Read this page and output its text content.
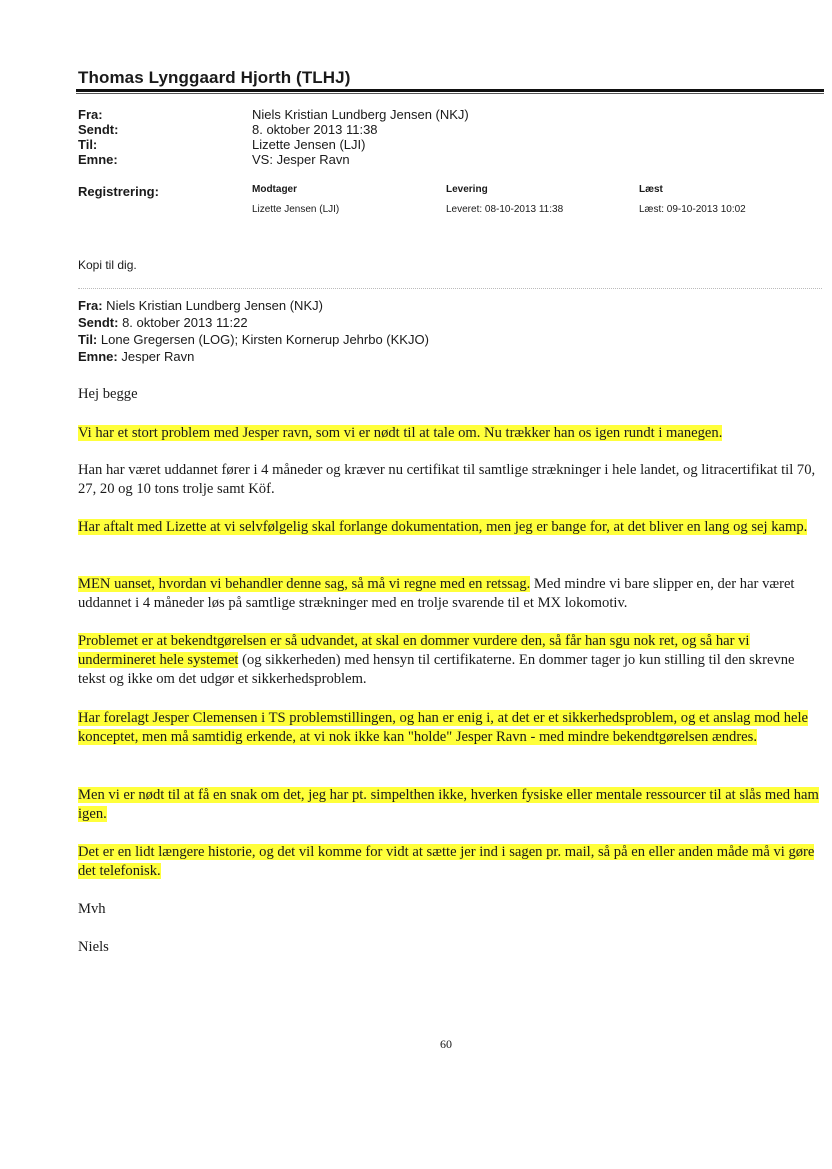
Thomas Lynggaard Hjorth (TLHJ)
Fra:	Niels Kristian Lundberg Jensen (NKJ)
Sendt:	8. oktober 2013 11:38
Til:	Lizette Jensen (LJI)
Emne:	VS: Jesper Ravn
Registrering:	Modtager	Levering	Læst
Lizette Jensen (LJI)	Leveret: 08-10-2013 11:38	Læst: 09-10-2013 10:02
Kopi til dig.
Fra: Niels Kristian Lundberg Jensen (NKJ)
Sendt: 8. oktober 2013 11:22
Til: Lone Gregersen (LOG); Kirsten Kornerup Jehrbo (KKJO)
Emne: Jesper Ravn
Hej begge
Vi har et stort problem med Jesper ravn, som vi er nødt til at tale om. Nu trækker han os igen rundt i manegen.
Han har været uddannet fører i 4 måneder og kræver nu certifikat til samtlige strækninger i hele landet, og litracertifikat til 70, 27, 20 og 10 tons trolje samt Köf.
Har aftalt med Lizette at vi selvfølgelig skal forlange dokumentation, men jeg er bange for, at det bliver en lang og sej kamp.
MEN uanset, hvordan vi behandler denne sag, så må vi regne med en retssag. Med mindre vi bare slipper en, der har været uddannet i 4 måneder løs på samtlige strækninger med en trolje svarende til et MX lokomotiv.
Problemet er at bekendtgørelsen er så udvandet, at skal en dommer vurdere den, så får han sgu nok ret, og så har vi undermineret hele systemet (og sikkerheden) med hensyn til certifikaterne. En dommer tager jo kun stilling til den skrevne tekst og ikke om det udgør et sikkerhedsproblem.
Har forelagt Jesper Clemensen i TS problemstillingen, og han er enig i, at det er et sikkerhedsproblem, og et anslag mod hele konceptet, men må samtidig erkende, at vi nok ikke kan "holde" Jesper Ravn - med mindre bekendtgørelsen ændres.
Men vi er nødt til at få en snak om det, jeg har pt. simpelthen ikke, hverken fysiske eller mentale ressourcer til at slås med ham igen.
Det er en lidt længere historie, og det vil komme for vidt at sætte jer ind i sagen pr. mail, så på en eller anden måde må vi gøre det telefonisk.
Mvh
Niels
60
